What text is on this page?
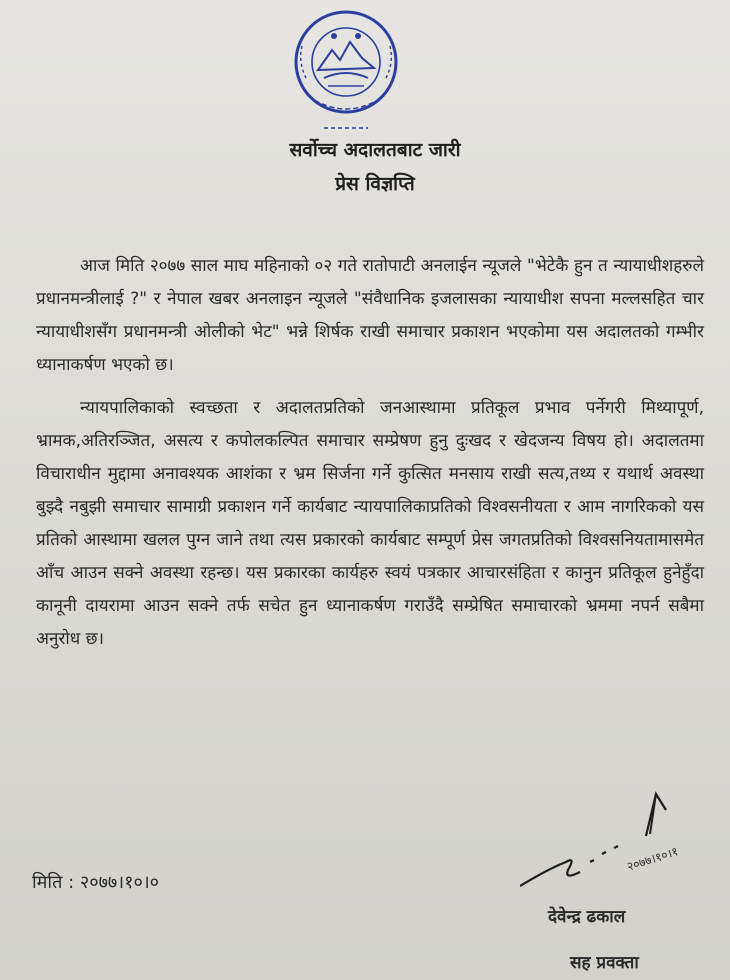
सर्वोच्च अदालतबाट जारी
प्रेस विज्ञप्ति

आज मिति २०७७ साल माघ महिनाको ०२ गते रातोपाटी अनलाईन न्यूजले "भेटेकै हुन त न्यायाधीशहरुले प्रधानमन्त्रीलाई ?" र नेपाल खबर अनलाइन न्यूजले "संवैधानिक इजलासका न्यायाधीश सपना मल्लसहित चार न्यायाधीशसँग प्रधानमन्त्री ओलीको भेट" भन्ने शिर्षक राखी समाचार प्रकाशन भएकोमा यस अदालतको गम्भीर ध्यानाकर्षण भएको छ।

न्यायपालिकाको स्वच्छता र अदालतप्रतिको जनआस्थामा प्रतिकूल प्रभाव पर्नेगरी मिथ्यापूर्ण, भ्रामक,अतिरञ्जित, असत्य र कपोलकल्पित समाचार सम्प्रेषण हुनु दुःखद र खेदजन्य विषय हो। अदालतमा विचाराधीन मुद्दामा अनावश्यक आशंका र भ्रम सिर्जना गर्ने कुत्सित मनसाय राखी सत्य,तथ्य र यथार्थ अवस्था बुझ्दै नबुझी समाचार सामाग्री प्रकाशन गर्ने कार्यबाट न्यायपालिकाप्रतिको विश्वसनीयता र आम नागरिकको यस प्रतिको आस्थामा खलल पुग्न जाने तथा त्यस प्रकारको कार्यबाट सम्पूर्ण प्रेस जगतप्रतिको विश्वसनियतामासमेत आँच आउन सक्ने अवस्था रहन्छ। यस प्रकारका कार्यहरु स्वयं पत्रकार आचारसंहिता र कानुन प्रतिकूल हुनेहुँदा कानूनी दायरामा आउन सक्ने तर्फ सचेत हुन ध्यानाकर्षण गराउँदै सम्प्रेषित समाचारको भ्रममा नपर्न सबैमा अनुरोध छ।

मिति : २०७७।१०।०
२०७७।१०।१
देवेन्द्र ढकाल
सह प्रवक्ता
